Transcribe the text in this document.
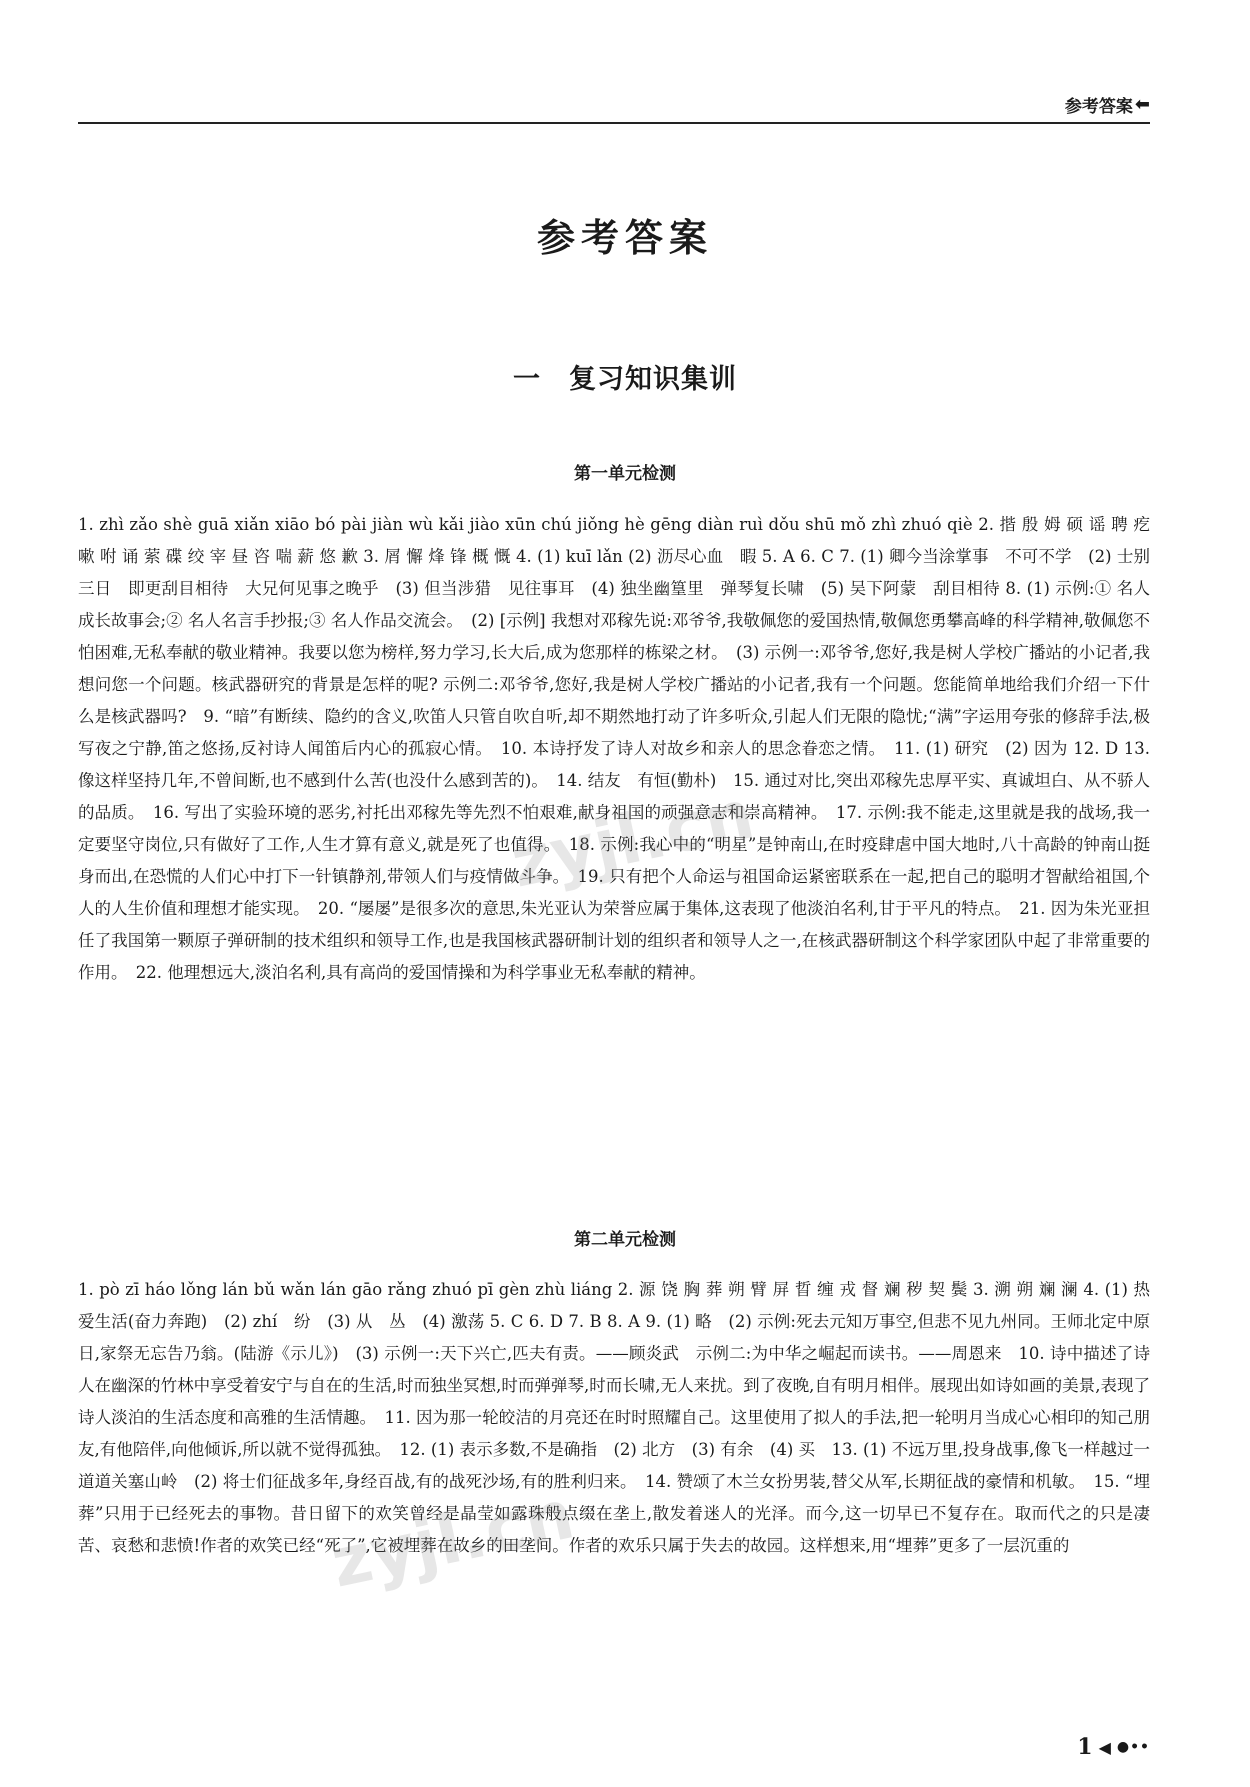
参考答案 ⬅
参考答案
一　复习知识集训
第一单元检测
1. zhì zǎo shè guā xiǎn xiāo bó pài jiàn wù kǎi jiào xūn chú jiǒng hè gēng diàn ruì dǒu shū mǒ zhì zhuó qiè 2. 揩 殷 姆 硕 谣 聘 疙 嗽 咐 诵 萦 碟 绞 宰 昼 咨 喘 薪 悠 歉 3. 屑 懈 烽 锋 概 慨 4. (1) kuī lǎn (2) 沥尽心血　暇 5. A 6. C 7. (1) 卿今当涂掌事　不可不学　(2) 士别三日　即更刮目相待　大兄何见事之晚乎　(3) 但当涉猎　见往事耳　(4) 独坐幽篁里　弹琴复长啸　(5) 吴下阿蒙　刮目相待 8. (1) 示例:① 名人成长故事会;② 名人名言手抄报;③ 名人作品交流会。　(2) [示例] 我想对邓稼先说:邓爷爷,我敬佩您的爱国热情,敬佩您勇攀高峰的科学精神,敬佩您不怕困难,无私奉献的敬业精神。我要以您为榜样,努力学习,长大后,成为您那样的栋梁之材。　(3) 示例一:邓爷爷,您好,我是树人学校广播站的小记者,我想问您一个问题。核武器研究的背景是怎样的呢? 示例二:邓爷爷,您好,我是树人学校广播站的小记者,我有一个问题。您能简单地给我们介绍一下什么是核武器吗?　9. “暗”有断续、隐约的含义,吹笛人只管自吹自听,却不期然地打动了许多听众,引起人们无限的隐忧;“满”字运用夸张的修辞手法,极写夜之宁静,笛之悠扬,反衬诗人闻笛后内心的孤寂心情。　10. 本诗抒发了诗人对故乡和亲人的思念眷恋之情。　11. (1) 研究　(2) 因为 12. D 13. 像这样坚持几年,不曾间断,也不感到什么苦(也没什么感到苦的)。　14. 结友　有恒(勤朴)　15. 通过对比,突出邓稼先忠厚平实、真诚坦白、从不骄人的品质。　16. 写出了实验环境的恶劣,衬托出邓稼先等先烈不怕艰难,献身祖国的顽强意志和崇高精神。　17. 示例:我不能走,这里就是我的战场,我一定要坚守岗位,只有做好了工作,人生才算有意义,就是死了也值得。　18. 示例:我心中的“明星”是钟南山,在时疫肆虐中国大地时,八十高龄的钟南山挺身而出,在恐慌的人们心中打下一针镇静剂,带领人们与疫情做斗争。　19. 只有把个人命运与祖国命运紧密联系在一起,把自己的聪明才智献给祖国,个人的人生价值和理想才能实现。　20. “屡屡”是很多次的意思,朱光亚认为荣誉应属于集体,这表现了他淡泊名利,甘于平凡的特点。　21. 因为朱光亚担任了我国第一颗原子弹研制的技术组织和领导工作,也是我国核武器研制计划的组织者和领导人之一,在核武器研制这个科学家团队中起了非常重要的作用。　22. 他理想远大,淡泊名利,具有高尚的爱国情操和为科学事业无私奉献的精神。
第二单元检测
1. pò zī háo lǒng lán bǔ wǎn lán gāo rǎng zhuó pī gèn zhù liáng 2. 源 饶 胸 葬 朔 臂 屏 晢 缠 戎 督 斓 秽 契 鬓 3. 溯 朔 斓 澜 4. (1) 热爱生活(奋力奔跑)　(2) zhí　纷　(3) 从　丛　(4) 激荡 5. C 6. D 7. B 8. A 9. (1) 略　(2) 示例:死去元知万事空,但悲不见九州同。王师北定中原日,家祭无忘告乃翁。(陆游《示儿》)　(3) 示例一:天下兴亡,匹夫有责。——顾炎武　示例二:为中华之崛起而读书。——周恩来　10. 诗中描述了诗人在幽深的竹林中享受着安宁与自在的生活,时而独坐冥想,时而弹弹琴,时而长啸,无人来扰。到了夜晚,自有明月相伴。展现出如诗如画的美景,表现了诗人淡泊的生活态度和高雅的生活情趣。　11. 因为那一轮皎洁的月亮还在时时照耀自己。这里使用了拟人的手法,把一轮明月当成心心相印的知己朋友,有他陪伴,向他倾诉,所以就不觉得孤独。　12. (1) 表示多数,不是确指　(2) 北方　(3) 有余　(4) 买　13. (1) 不远万里,投身战事,像飞一样越过一道道关塞山岭　(2) 将士们征战多年,身经百战,有的战死沙场,有的胜利归来。　14. 赞颂了木兰女扮男装,替父从军,长期征战的豪情和机敏。　15. “埋葬”只用于已经死去的事物。昔日留下的欢笑曾经是晶莹如露珠般点缀在垄上,散发着迷人的光泽。而今,这一切早已不复存在。取而代之的只是凄苦、哀愁和悲愤!作者的欢笑已经“死了”,它被埋葬在故乡的田垄间。作者的欢乐只属于失去的故园。这样想来,用“埋葬”更多了一层沉重的
zyjl.cn
zyjl.cn
1 ◀ ●••
